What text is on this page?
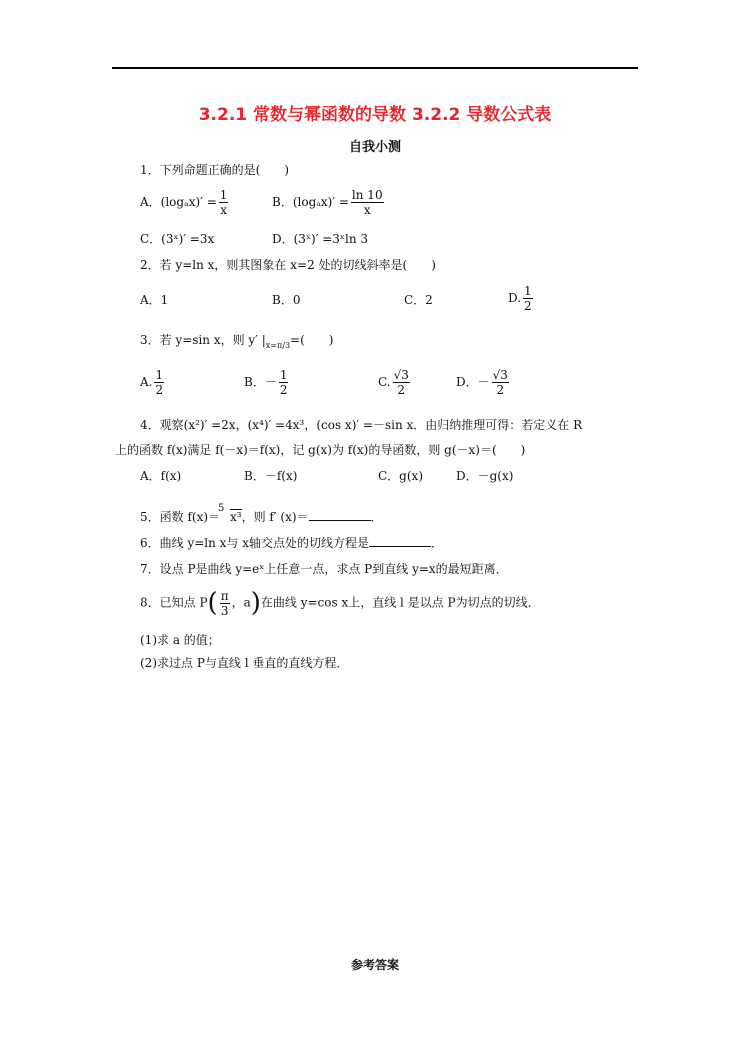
3.2.1 常数与幂函数的导数 3.2.2 导数公式表
自我小测
1．下列命题正确的是(　　)
A．$(\log_ax)' = \frac{1}{x}$	B．$(\log_ax)' = \frac{\ln 10}{x}$
C．(3ˣ)′ =3x	D．(3ˣ)′ =3ˣln 3
2．若 y=ln x，则其图象在 x=2 处的切线斜率是(　　)
A．1	B．0	C．2	D. $\frac{1}{2}$
3．若 y=sin x，则 y′ $|_{x=\pi/3}=$(　　)
A. $\frac{1}{2}$	B．－ $\frac{1}{2}$	C. $\frac{√3}{2}$	D．－ $\frac{√3}{2}$
4．观察(x²)′ =2x，(x⁴)′ =4x³，(cos x)′ =－sin x．由归纳推理可得：若定义在 R
上的函数 f(x)满足 f(－x)＝f(x)，记 g(x)为 f(x)的导函数，则 g(－x)＝(　　)
A．f(x)	B．－f(x)	C．g(x)	D．－g(x)
5．函数 f(x)＝
5
x³，则 f′ (x)＝	．
6．曲线 y=ln x与 x轴交点处的切线方程是	．
7．设点 P是曲线 y=eˣ上任意一点，求点 P到直线 y=x的最短距离．
8．已知点 $P( \frac{\pi}{3}$ ，a)在曲线 y=cos x上，直线 l 是以点 P为切点的切线．
(1)求 a 的值；
(2)求过点 P与直线 l 垂直的直线方程．
参考答案
